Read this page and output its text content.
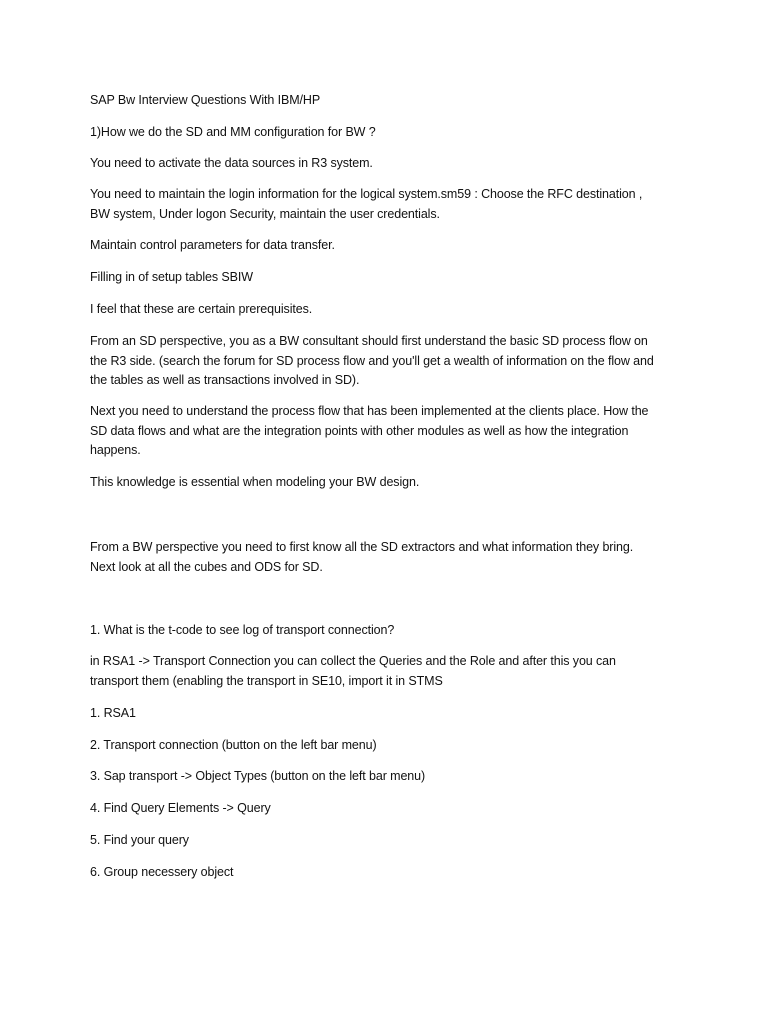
SAP Bw Interview Questions With IBM/HP

1)How we do the SD and MM configuration for BW ?

You need to activate the data sources in R3 system.

You need to maintain the login information for the logical system.sm59 : Choose the RFC destination ,
BW system, Under logon Security, maintain the user credentials.

Maintain control parameters for data transfer.

Filling in of setup tables SBIW

I feel that these are certain prerequisites.

From an SD perspective, you as a BW consultant should first understand the basic SD process flow on
the R3 side. (search the forum for SD process flow and you'll get a wealth of information on the flow and
the tables as well as transactions involved in SD).

Next you need to understand the process flow that has been implemented at the clients place. How the
SD data flows and what are the integration points with other modules as well as how the integration
happens.

This knowledge is essential when modeling your BW design.

From a BW perspective you need to first know all the SD extractors and what information they bring.
Next look at all the cubes and ODS for SD.

1. What is the t-code to see log of transport connection?

in RSA1 -> Transport Connection you can collect the Queries and the Role and after this you can
transport them (enabling the transport in SE10, import it in STMS

1. RSA1

2. Transport connection (button on the left bar menu)

3. Sap transport -> Object Types (button on the left bar menu)

4. Find Query Elements -> Query

5. Find your query

6. Group necessery object
